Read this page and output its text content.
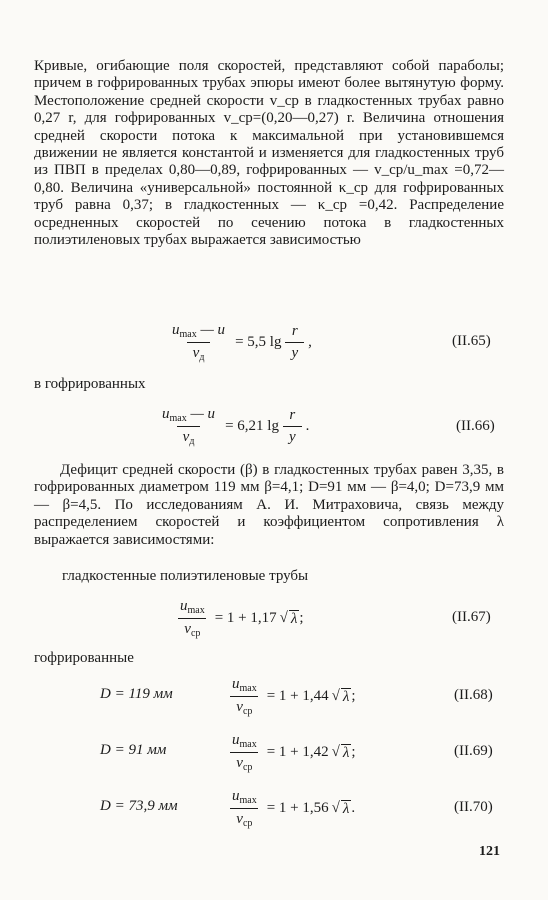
Кривые, огибающие поля скоростей, представляют собой параболы; причем в гофрированных трубах эпюры имеют более вытянутую форму. Местоположение средней скорости v_ср в гладкостенных трубах равно 0,27 r, для гофрированных v_ср=(0,20—0,27) r. Величина отношения средней скорости потока к максимальной при установившемся движении не является константой и изменяется для гладкостенных труб из ПВП в пределах 0,80—0,89, гофрированных — v_ср/u_max =0,72—0,80. Величина «универсальной» постоянной κ_ср для гофрированных труб равна 0,37; в гладкостенных — κ_ср =0,42. Распределение осредненных скоростей по сечению потока в гладкостенных полиэтиленовых трубах выражается зависимостью

$\frac{u_{max} — u}{v_д} = 5,5$ $\lg \frac{r}{y}$ ,	(II.65)
в гофрированных
$\frac{u_{max} — u}{v_д} = 6,21$ $\lg \frac{r}{y}$ .	(II.66)

Дефицит средней скорости (β) в гладкостенных трубах равен 3,35, в гофрированных диаметром 119 мм β=4,1; D=91 мм — β=4,0; D=73,9 мм — β=4,5. По исследованиям А. И. Митраховича, связь между распределением скоростей и коэффициентом сопротивления λ выражается зависимостями:

гладкостенные полиэтиленовые трубы
$\frac{u_{max}}{v_{ср}} = 1 + 1,17$
  √ λ ;	(II.67)
гофрированные
D = 119 мм	$\frac{u_{max}}{v_{ср}} = 1 + 1,44$
  √ λ ;	(II.68)
D = 91 мм	$\frac{u_{max}}{v_{ср}} = 1 + 1,42$
  √ λ ;	(II.69)
D = 73,9 мм	$\frac{u_{max}}{v_{ср}} = 1 + 1,56$
  √ λ .	(II.70)
121
